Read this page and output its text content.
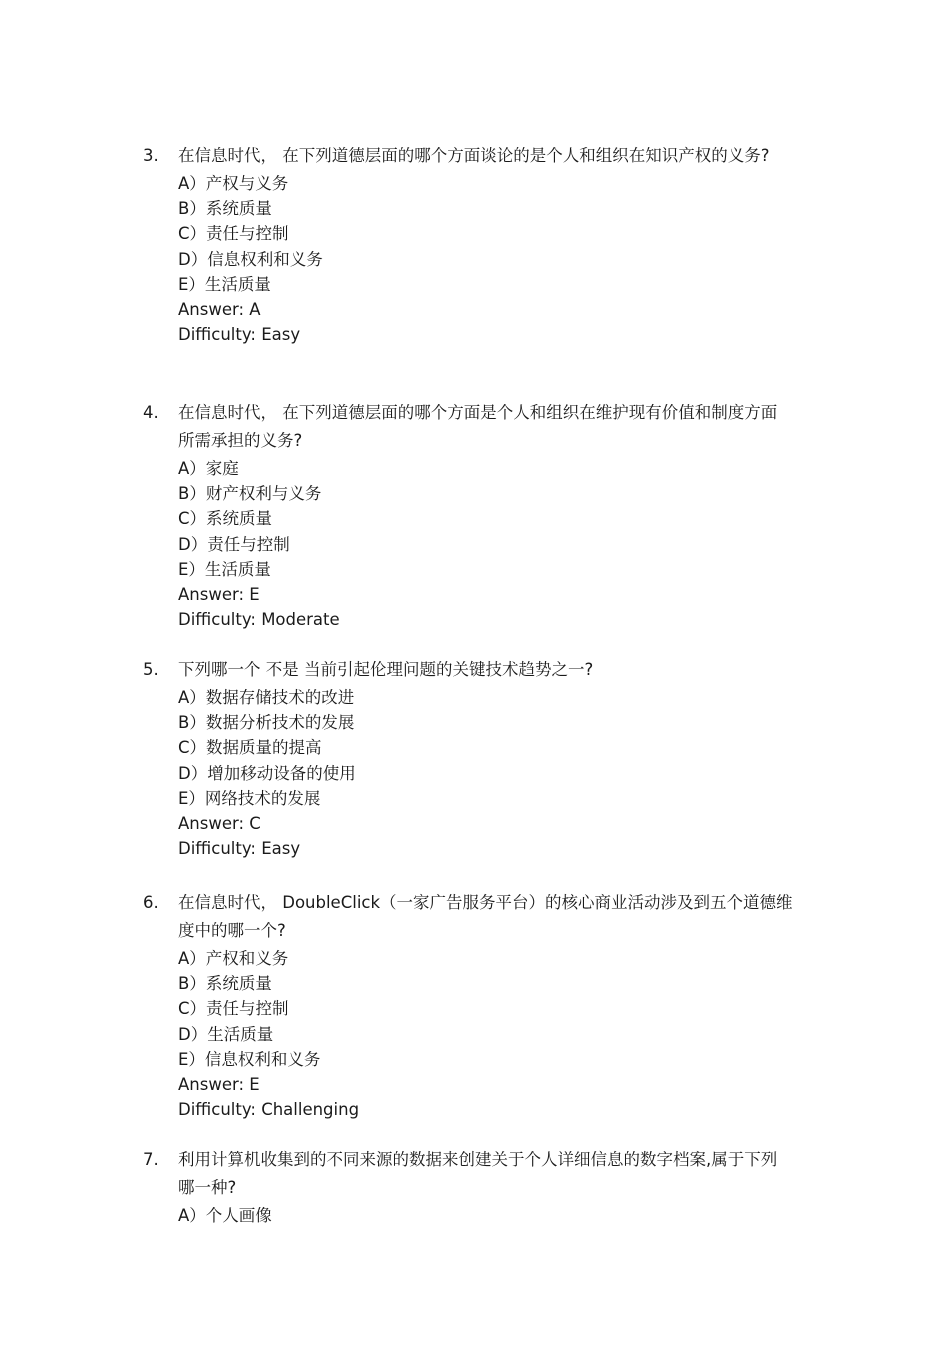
3.	在信息时代， 在下列道德层面的哪个方面谈论的是个人和组织在知识产权的义务?
A）产权与义务
B）系统质量
C）责任与控制
D）信息权利和义务
E）生活质量
Answer: A
Difficulty: Easy
4.	在信息时代， 在下列道德层面的哪个方面是个人和组织在维护现有价值和制度方面所需承担的义务?
A）家庭
B）财产权利与义务
C）系统质量
D）责任与控制
E）生活质量
Answer: E
Difficulty: Moderate
5.	下列哪一个 不是 当前引起伦理问题的关键技术趋势之一?
A）数据存储技术的改进
B）数据分析技术的发展
C）数据质量的提高
D）增加移动设备的使用
E）网络技术的发展
Answer: C
Difficulty: Easy
6.	在信息时代， DoubleClick（一家广告服务平台）的核心商业活动涉及到五个道德维度中的哪一个?
A）产权和义务
B）系统质量
C）责任与控制
D）生活质量
E）信息权利和义务
Answer: E
Difficulty: Challenging
7.	利用计算机收集到的不同来源的数据来创建关于个人详细信息的数字档案,属于下列哪一种?
A）个人画像
